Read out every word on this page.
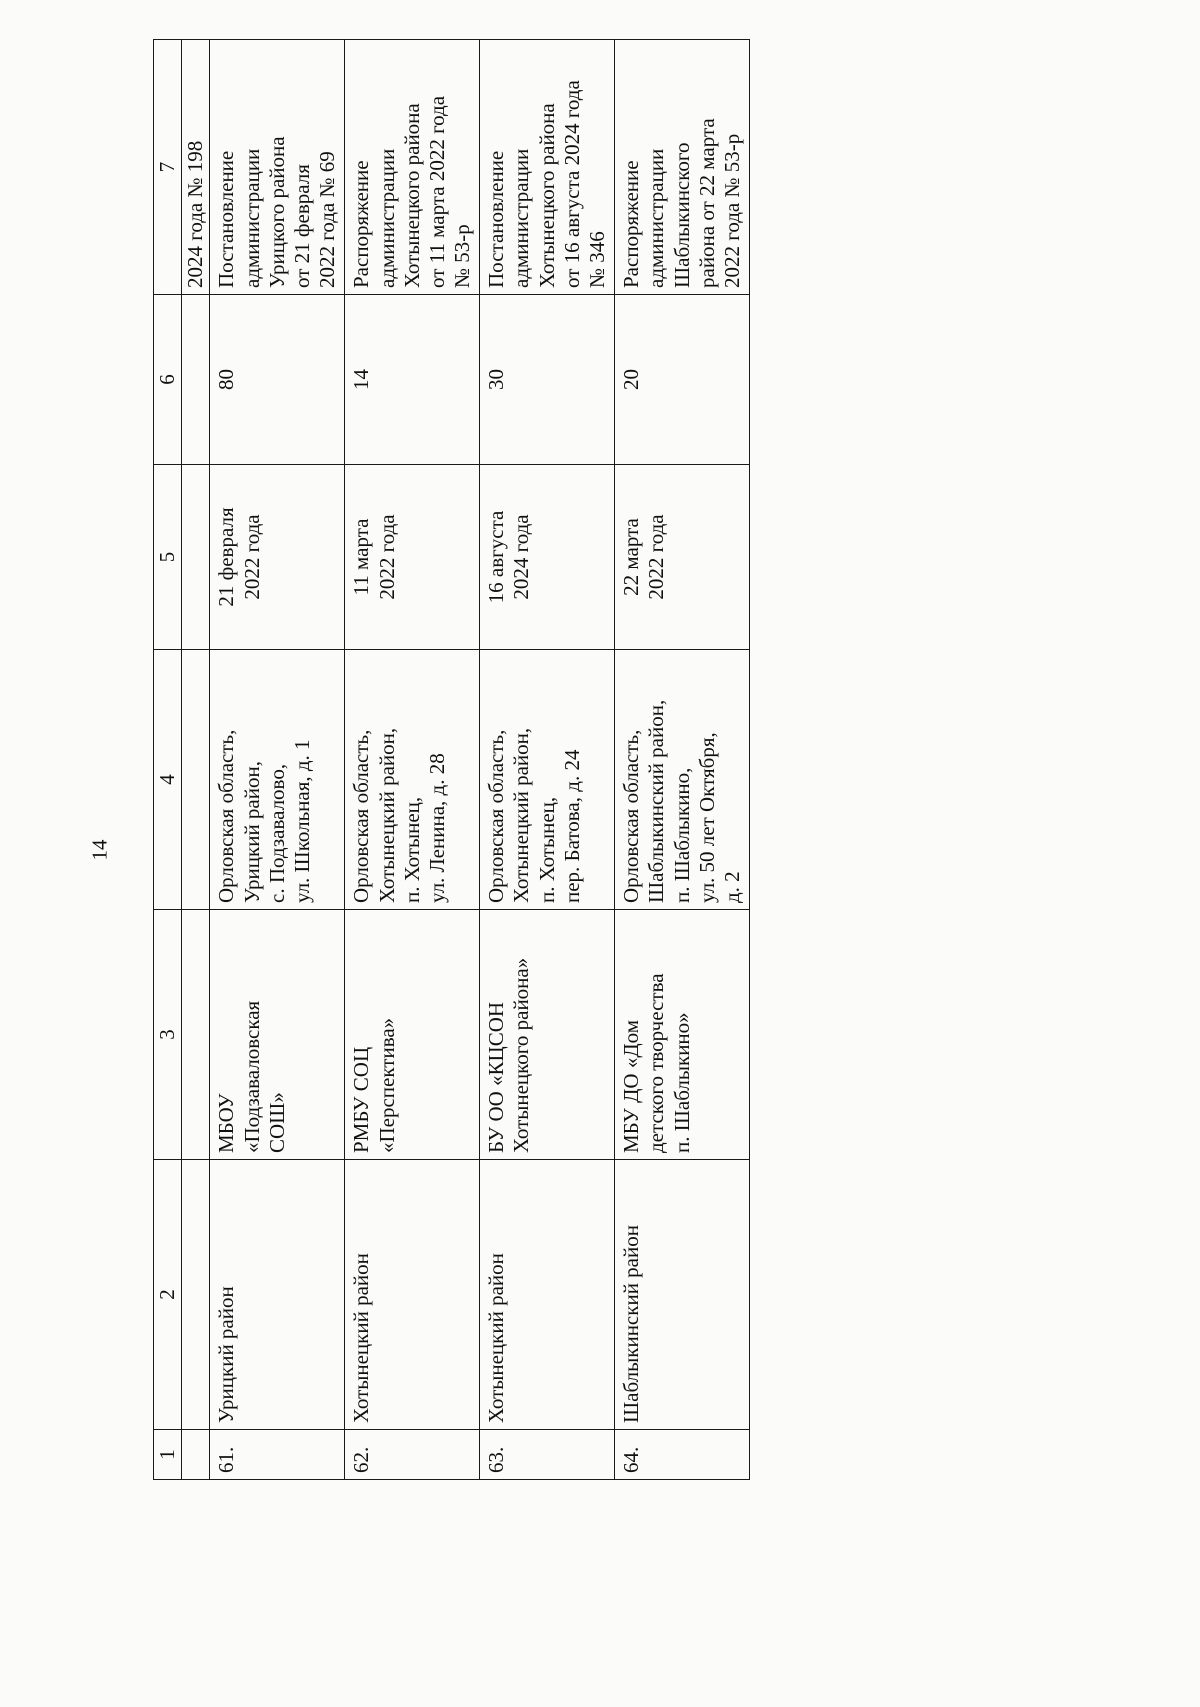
14
1	2	3	4	5	6	7
						2024 года № 198
61.	Урицкий район	МБОУ
«Подзаваловская
СОШ»	Орловская область,
Урицкий район,
с. Подзавалово,
ул. Школьная, д. 1	21 февраля
2022 года	80	Постановление
администрации
Урицкого района
от 21 февраля
2022 года № 69
62.	Хотынецкий район	РМБУ СОЦ
«Перспектива»	Орловская область,
Хотынецкий район,
п. Хотынец,
ул. Ленина, д. 28	11 марта
2022 года	14	Распоряжение
администрации
Хотынецкого района
от 11 марта 2022 года
№ 53-р
63.	Хотынецкий район	БУ ОО «КЦСОН
Хотынецкого района»	Орловская область,
Хотынецкий район,
п. Хотынец,
пер. Батова, д. 24	16 августа
2024 года	30	Постановление
администрации
Хотынецкого района
от 16 августа 2024 года
№ 346
64.	Шаблыкинский район	МБУ ДО «Дом
детского творчества
п. Шаблыкино»	Орловская область,
Шаблыкинский район,
п. Шаблыкино,
ул. 50 лет Октября,
д. 2	22 марта
2022 года	20	Распоряжение
администрации
Шаблыкинского
района от 22 марта
2022 года № 53-р
